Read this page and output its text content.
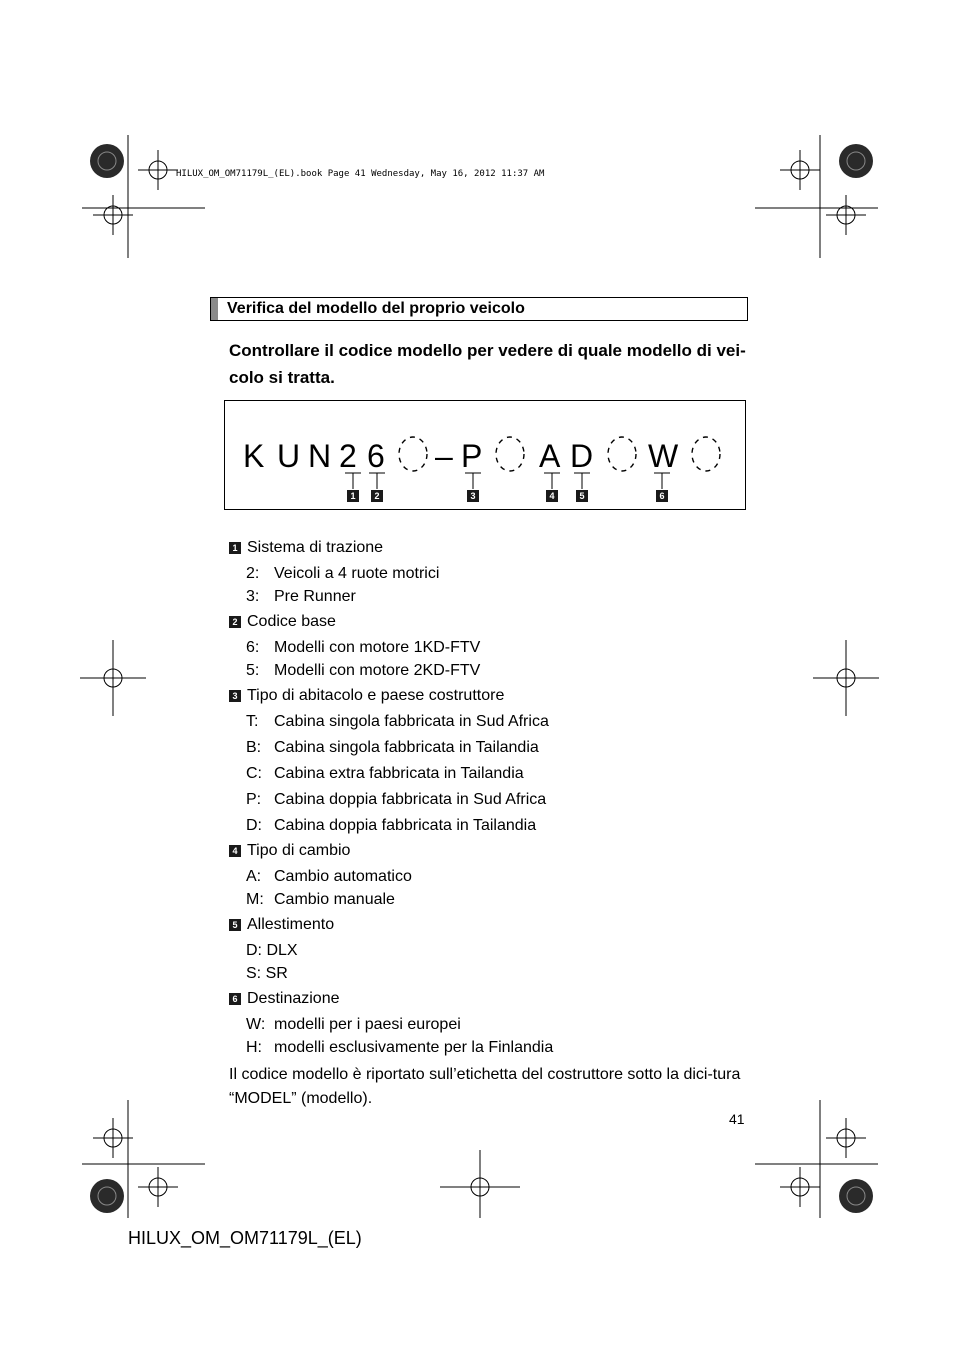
HILUX_OM_OM71179L_(EL).book Page 41 Wednesday, May 16, 2012 11:37 AM
Verifica del modello del proprio veicolo
Controllare il codice modello per vedere di quale modello di vei-colo si tratta.
K U N 2 6 – P A D W
1 2	3	4	5	6
1 Sistema di trazione
2: Veicoli a 4 ruote motrici
3: Pre Runner
2 Codice base
6: Modelli con motore 1KD-FTV
5: Modelli con motore 2KD-FTV
3 Tipo di abitacolo e paese costruttore
T: Cabina singola fabbricata in Sud Africa
B: Cabina singola fabbricata in Tailandia
C: Cabina extra fabbricata in Tailandia
P: Cabina doppia fabbricata in Sud Africa
D: Cabina doppia fabbricata in Tailandia
4 Tipo di cambio
A: Cambio automatico
M: Cambio manuale
5 Allestimento
D: DLX
S: SR
6 Destinazione
W: modelli per i paesi europei
H: modelli esclusivamente per la Finlandia
Il codice modello è riportato sull’etichetta del costruttore sotto la dici-tura “MODEL” (modello).
41
HILUX_OM_OM71179L_(EL)
